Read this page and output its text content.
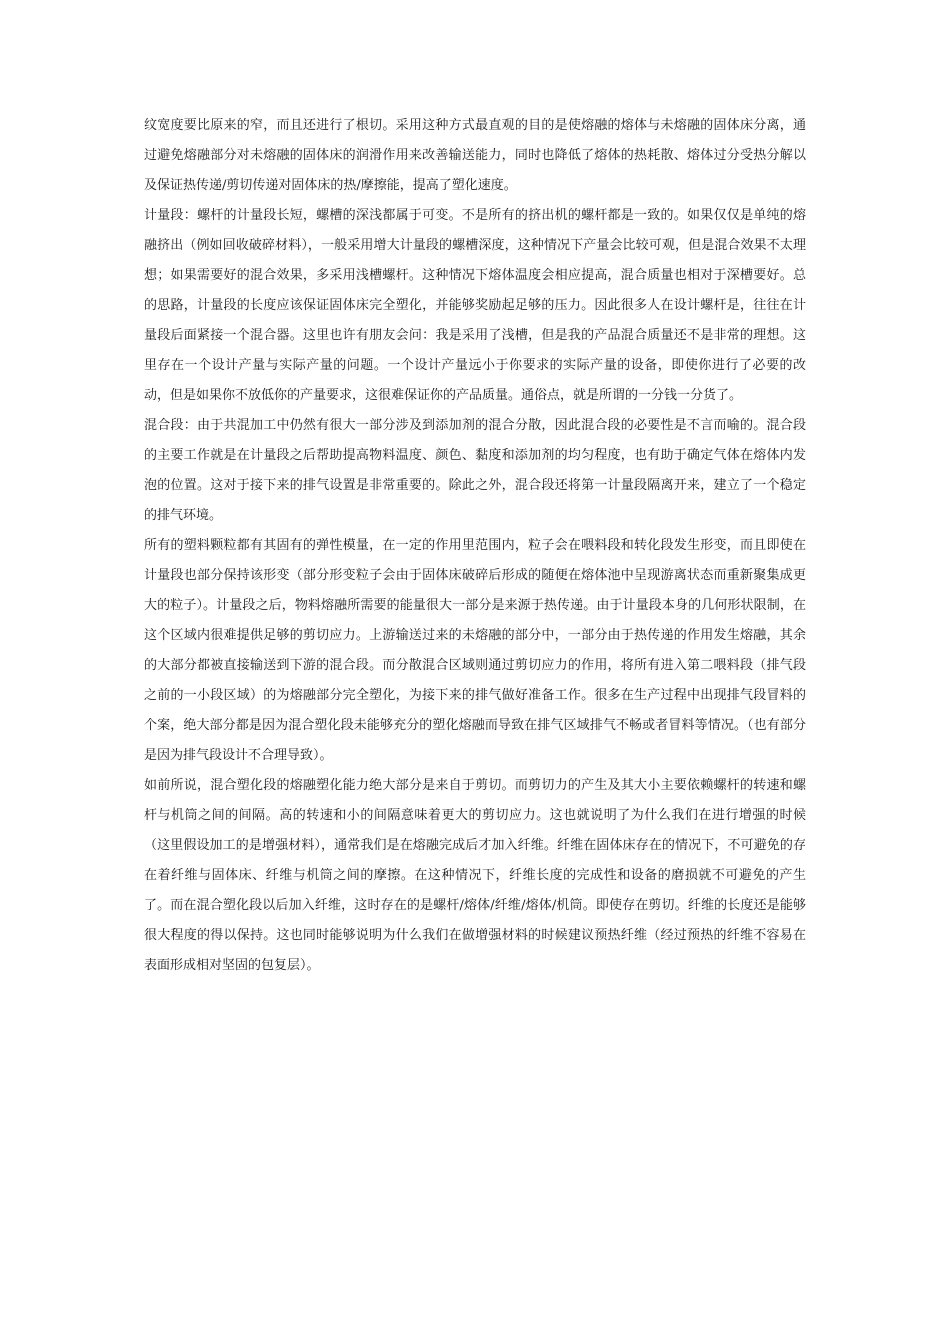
纹宽度要比原来的窄，而且还进行了根切。采用这种方式最直观的目的是使熔融的熔体与未熔融的固体床分离，通过避免熔融部分对未熔融的固体床的润滑作用来改善输送能力，同时也降低了熔体的热耗散、熔体过分受热分解以及保证热传递/剪切传递对固体床的热/摩擦能，提高了塑化速度。

计量段：螺杆的计量段长短，螺槽的深浅都属于可变。不是所有的挤出机的螺杆都是一致的。如果仅仅是单纯的熔融挤出（例如回收破碎材料），一般采用增大计量段的螺槽深度，这种情况下产量会比较可观，但是混合效果不太理想；如果需要好的混合效果，多采用浅槽螺杆。这种情况下熔体温度会相应提高，混合质量也相对于深槽要好。总的思路，计量段的长度应该保证固体床完全塑化，并能够奖励起足够的压力。因此很多人在设计螺杆是，往往在计量段后面紧接一个混合器。这里也许有朋友会问：我是采用了浅槽，但是我的产品混合质量还不是非常的理想。这里存在一个设计产量与实际产量的问题。一个设计产量远小于你要求的实际产量的设备，即使你进行了必要的改动，但是如果你不放低你的产量要求，这很难保证你的产品质量。通俗点，就是所谓的一分钱一分货了。

混合段：由于共混加工中仍然有很大一部分涉及到添加剂的混合分散，因此混合段的必要性是不言而喻的。混合段的主要工作就是在计量段之后帮助提高物料温度、颜色、黏度和添加剂的均匀程度，也有助于确定气体在熔体内发泡的位置。这对于接下来的排气设置是非常重要的。除此之外，混合段还将第一计量段隔离开来，建立了一个稳定的排气环境。

所有的塑料颗粒都有其固有的弹性模量，在一定的作用里范围内，粒子会在喂料段和转化段发生形变，而且即使在计量段也部分保持该形变（部分形变粒子会由于固体床破碎后形成的随便在熔体池中呈现游离状态而重新聚集成更大的粒子）。计量段之后，物料熔融所需要的能量很大一部分是来源于热传递。由于计量段本身的几何形状限制，在这个区域内很难提供足够的剪切应力。上游输送过来的未熔融的部分中，一部分由于热传递的作用发生熔融，其余的大部分都被直接输送到下游的混合段。而分散混合区域则通过剪切应力的作用，将所有进入第二喂料段（排气段之前的一小段区域）的为熔融部分完全塑化，为接下来的排气做好准备工作。很多在生产过程中出现排气段冒料的个案，绝大部分都是因为混合塑化段未能够充分的塑化熔融而导致在排气区域排气不畅或者冒料等情况。（也有部分是因为排气段设计不合理导致）。

如前所说，混合塑化段的熔融塑化能力绝大部分是来自于剪切。而剪切力的产生及其大小主要依赖螺杆的转速和螺杆与机筒之间的间隔。高的转速和小的间隔意味着更大的剪切应力。这也就说明了为什么我们在进行增强的时候（这里假设加工的是增强材料），通常我们是在熔融完成后才加入纤维。纤维在固体床存在的情况下，不可避免的存在着纤维与固体床、纤维与机筒之间的摩擦。在这种情况下，纤维长度的完成性和设备的磨损就不可避免的产生了。而在混合塑化段以后加入纤维，这时存在的是螺杆/熔体/纤维/熔体/机筒。即使存在剪切。纤维的长度还是能够很大程度的得以保持。这也同时能够说明为什么我们在做增强材料的时候建议预热纤维（经过预热的纤维不容易在表面形成相对坚固的包复层）。
